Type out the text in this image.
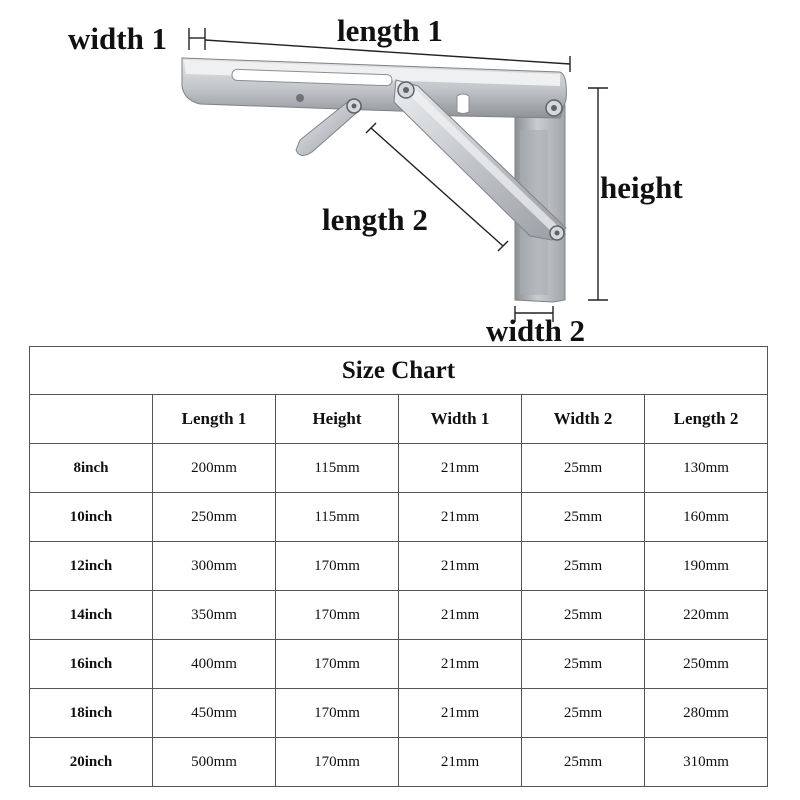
width 1	length 1
length 2
height
width 2
Size Chart					
	Length 1	Height	Width 1	Width 2	Length 2
8inch	200mm	115mm	21mm	25mm	130mm
10inch	250mm	115mm	21mm	25mm	160mm
12inch	300mm	170mm	21mm	25mm	190mm
14inch	350mm	170mm	21mm	25mm	220mm
16inch	400mm	170mm	21mm	25mm	250mm
18inch	450mm	170mm	21mm	25mm	280mm
20inch	500mm	170mm	21mm	25mm	310mm
